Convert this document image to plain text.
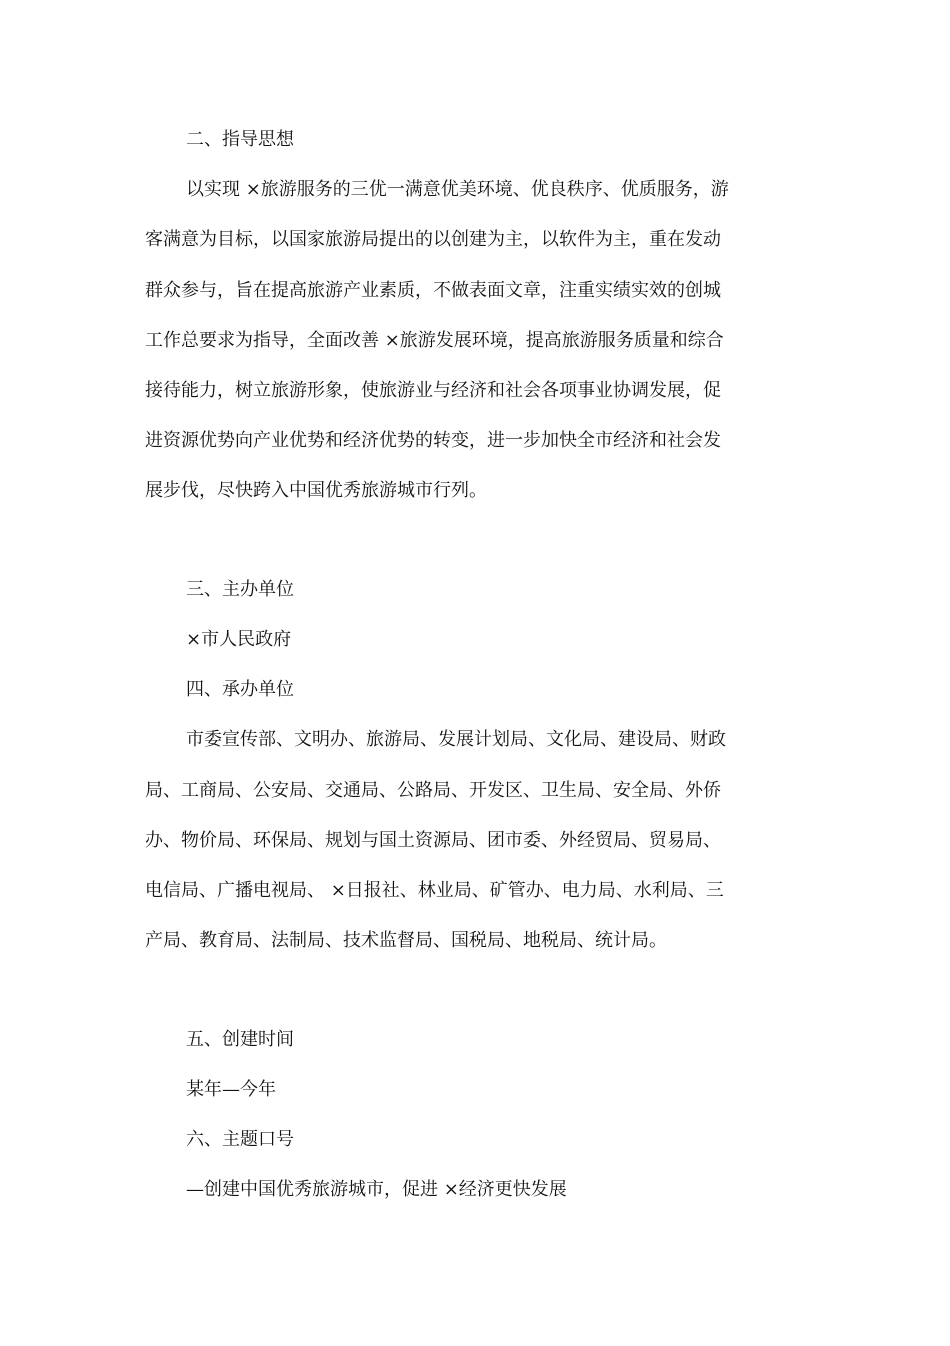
二、指导思想
以实现 ×旅游服务的三优一满意优美环境、优良秩序、优质服务，游
客满意为目标，以国家旅游局提出的以创建为主，以软件为主，重在发动
群众参与，旨在提高旅游产业素质，不做表面文章，注重实绩实效的创城
工作总要求为指导，全面改善 ×旅游发展环境，提高旅游服务质量和综合
接待能力，树立旅游形象，使旅游业与经济和社会各项事业协调发展，促
进资源优势向产业优势和经济优势的转变，进一步加快全市经济和社会发
展步伐，尽快跨入中国优秀旅游城市行列。
三、主办单位
×市人民政府
四、承办单位
市委宣传部、文明办、旅游局、发展计划局、文化局、建设局、财政
局、工商局、公安局、交通局、公路局、开发区、卫生局、安全局、外侨
办、物价局、环保局、规划与国土资源局、团市委、外经贸局、贸易局、
电信局、广播电视局、 ×日报社、林业局、矿管办、电力局、水利局、三
产局、教育局、法制局、技术监督局、国税局、地税局、统计局。
五、创建时间
某年—今年
六、主题口号
—创建中国优秀旅游城市，促进 ×经济更快发展
